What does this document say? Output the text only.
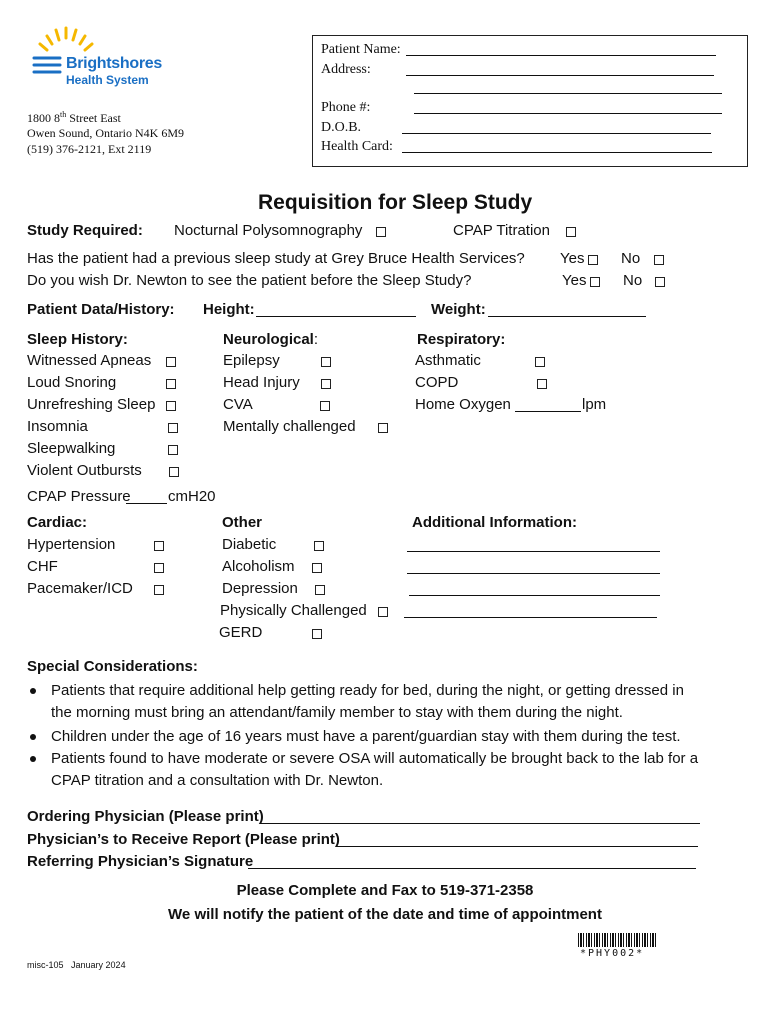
Brightshores
Health System
1800 8th Street East
Owen Sound, Ontario N4K 6M9
(519) 376-2121, Ext 2119
Patient Name:
Address:
Phone #:
D.O.B.
Health Card:
Requisition for Sleep Study
Study Required: Nocturnal Polysomnography	CPAP Titration
Has the patient had a previous sleep study at Grey Bruce Health Services? Yes No
Do you wish Dr. Newton to see the patient before the Sleep Study?	Yes No
Patient Data/History: Height:	Weight:
Sleep History:
Witnessed Apneas
Loud Snoring
Unrefreshing Sleep
Insomnia
Sleepwalking
Violent Outbursts
Neurological:
Epilepsy
Head Injury
CVA
Mentally challenged
Respiratory:
Asthmatic
COPD
Home Oxygen	lpm
CPAP Pressure cmH20
Cardiac:
Hypertension
CHF
Pacemaker/ICD
Other
Diabetic
Alcoholism
Depression
Physically Challenged
GERD
Additional Information:
Special Considerations:
Patients that require additional help getting ready for bed, during the night, or getting dressed in
the morning must bring an attendant/family member to stay with them during the night.
Children under the age of 16 years must have a parent/guardian stay with them during the test.
Patients found to have moderate or severe OSA will automatically be brought back to the lab for a
CPAP titration and a consultation with Dr. Newton.
Ordering Physician (Please print)
Physician’s to Receive Report (Please print)
Referring Physician’s Signature
Please Complete and Fax to 519-371-2358
We will notify the patient of the date and time of appointment
*PHY002*
misc-105 January 2024
